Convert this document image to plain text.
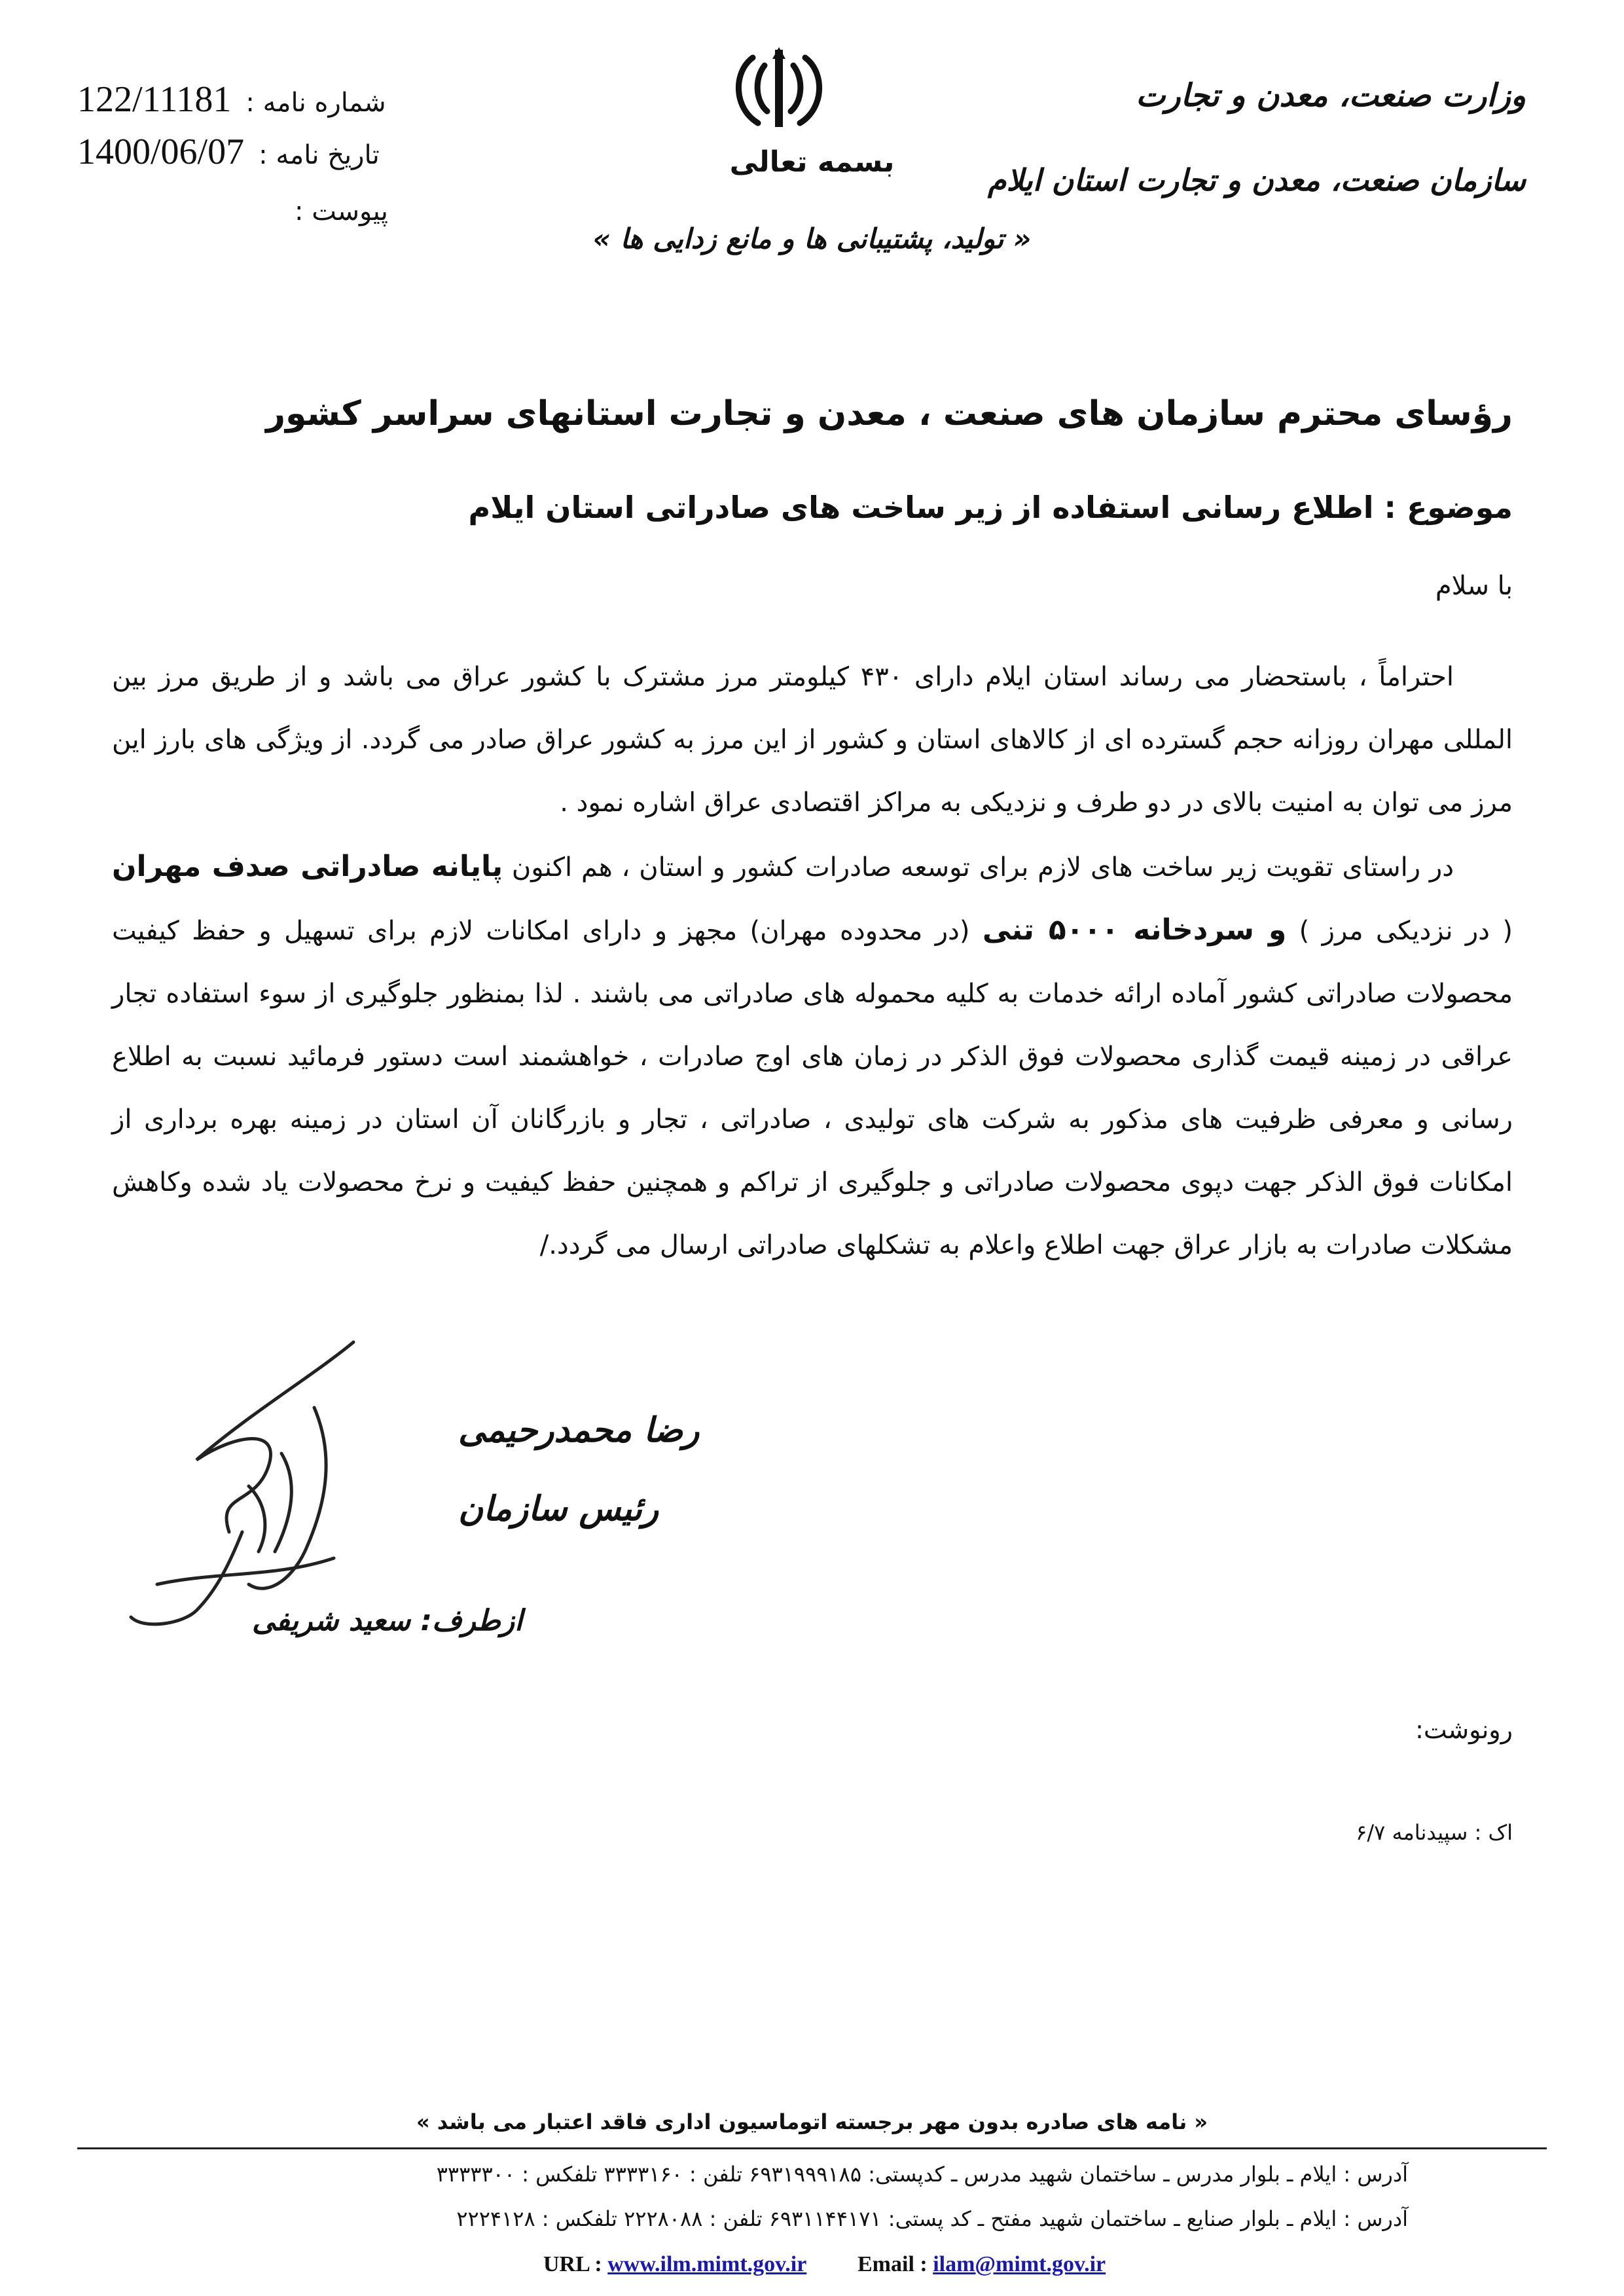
وزارت صنعت، معدن و تجارت
سازمان صنعت، معدن و تجارت استان ایلام
بسمه تعالی
« تولید، پشتیبانی ها و مانع زدایی ها »
122/11181 شماره نامه :
1400/06/07 تاریخ نامه :
پیوست :
رؤسای محترم سازمان های صنعت ، معدن و تجارت استانهای سراسر کشور
موضوع : اطلاع رسانی استفاده از زیر ساخت های صادراتی استان ایلام
با سلام
احتراماً ، باستحضار می رساند استان ایلام دارای ۴۳۰ کیلومتر مرز مشترک با کشور عراق می باشد و از طریق مرز بین المللی مهران روزانه حجم گسترده ای از کالاهای استان و کشور از این مرز به کشور عراق صادر می گردد. از ویژگی های بارز این مرز می توان به امنیت بالای در دو طرف و نزدیکی به مراکز اقتصادی عراق اشاره نمود .
در راستای تقویت زیر ساخت های لازم برای توسعه صادرات کشور و استان ، هم اکنون پایانه صادراتی صدف مهران ( در نزدیکی مرز ) و سردخانه ۵۰۰۰ تنی (در محدوده مهران) مجهز و دارای امکانات لازم برای تسهیل و حفظ کیفیت محصولات صادراتی کشور آماده ارائه خدمات به کلیه محموله های صادراتی می باشند . لذا بمنظور جلوگیری از سوء استفاده تجار عراقی در زمینه قیمت گذاری محصولات فوق الذکر در زمان های اوج صادرات ، خواهشمند است دستور فرمائید نسبت به اطلاع رسانی و معرفی ظرفیت های مذکور به شرکت های تولیدی ، صادراتی ، تجار و بازرگانان آن استان در زمینه بهره برداری از امکانات فوق الذکر جهت دپوی محصولات صادراتی و جلوگیری از تراکم و همچنین حفظ کیفیت و نرخ محصولات یاد شده وکاهش مشکلات صادرات به بازار عراق جهت اطلاع واعلام به تشکلهای صادراتی ارسال می گردد./
رضا محمدرحیمی
رئیس سازمان
ازطرف: سعید شریفی
رونوشت:
اک : سپیدنامه ۶/۷
« نامه های صادره بدون مهر برجسته اتوماسیون اداری فاقد اعتبار می باشد »
آدرس : ایلام ـ بلوار مدرس ـ ساختمان شهید مدرس ـ کدپستی: ۶۹۳۱۹۹۹۱۸۵ تلفن : ۳۳۳۳۱۶۰ تلفکس : ۳۳۳۳۳۰۰
آدرس : ایلام ـ بلوار صنایع ـ ساختمان شهید مفتح ـ کد پستی: ۶۹۳۱۱۴۴۱۷۱ تلفن : ۲۲۲۸۰۸۸ تلفکس : ۲۲۲۴۱۲۸
URL : www.ilm.mimt.gov.ir Email : ilam@mimt.gov.ir
